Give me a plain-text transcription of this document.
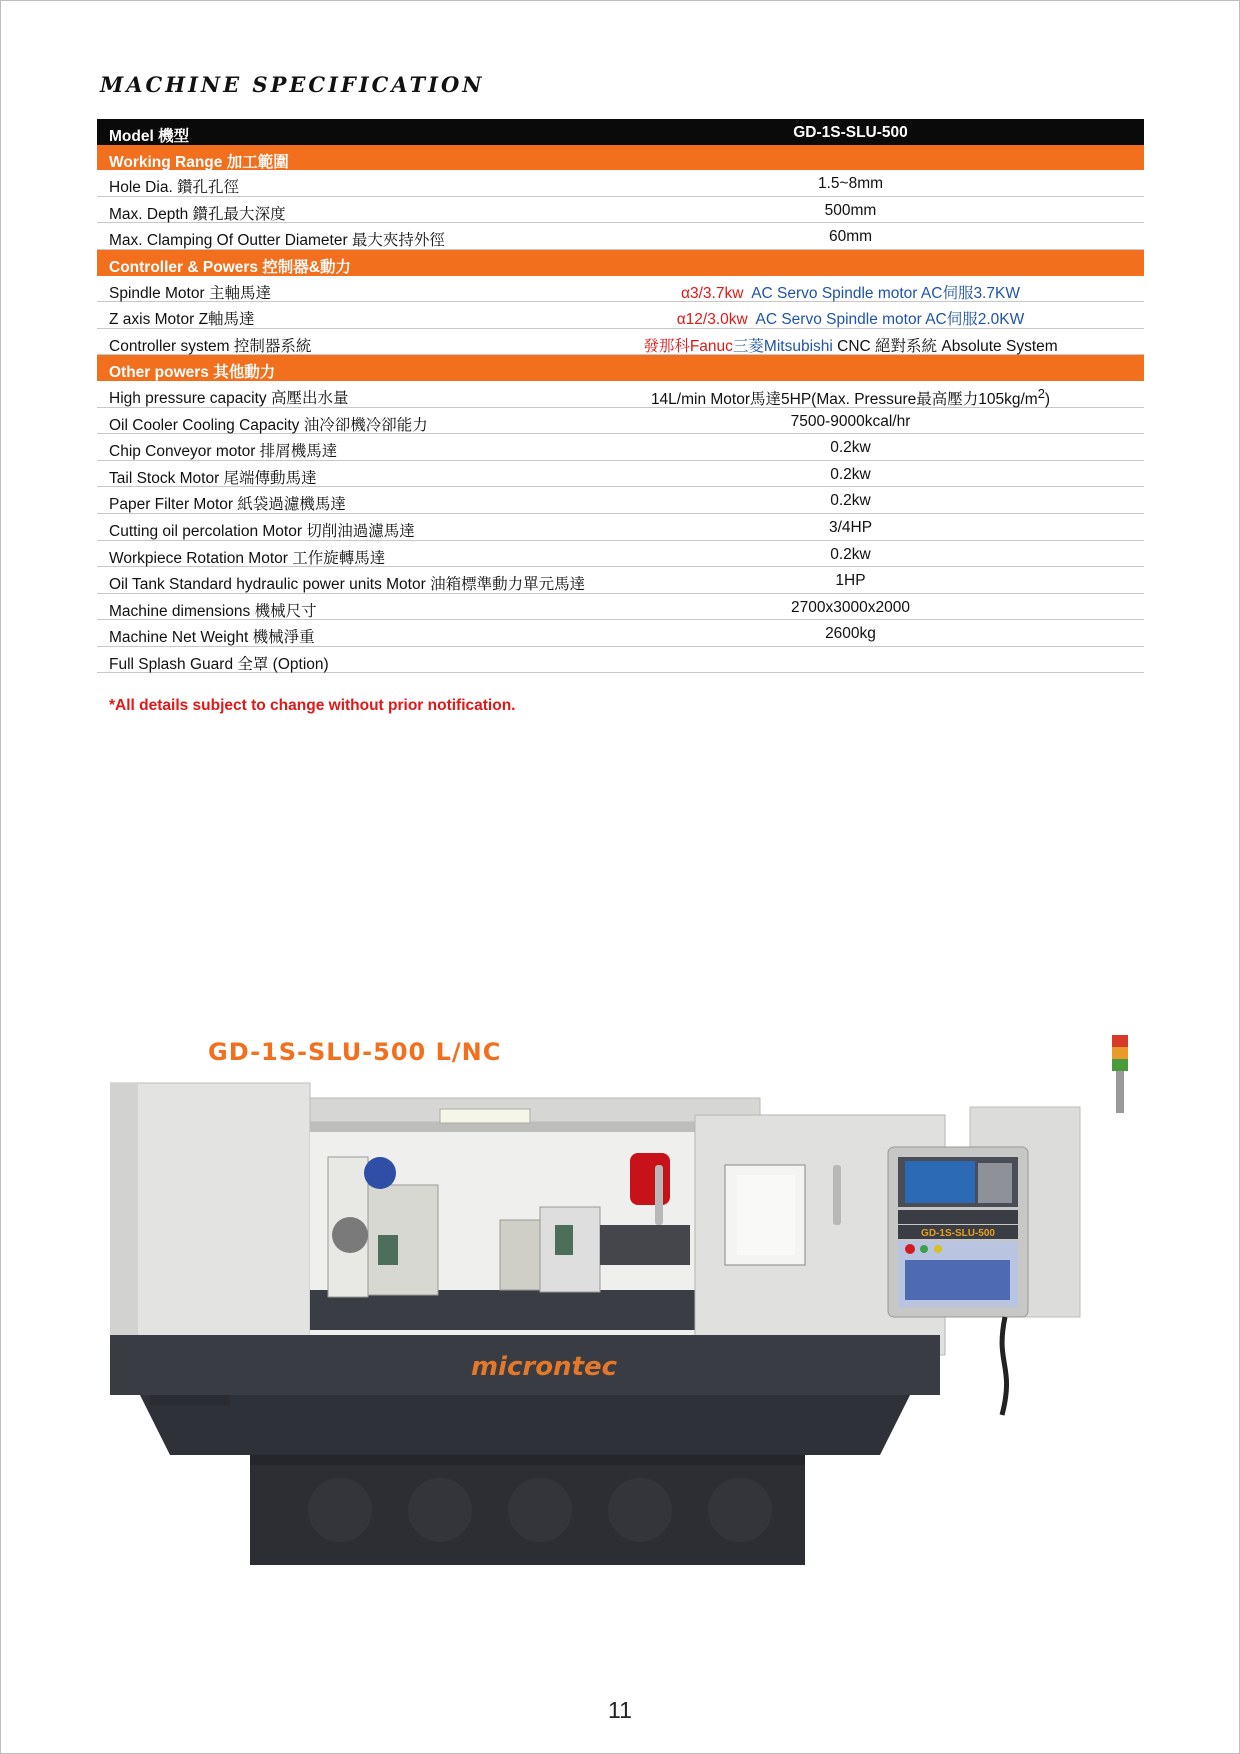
MACHINE SPECIFICATION
Model 機型	GD-1S-SLU-500
Working Range 加工範圍
Hole Dia. 鑽孔孔徑	1.5~8mm
Max. Depth 鑽孔最大深度	500mm
Max. Clamping Of Outter Diameter 最大夾持外徑	60mm
Controller & Powers 控制器&動力
Spindle Motor 主軸馬達	α3/3.7kw AC Servo Spindle motor AC伺服3.7KW
Z axis Motor Z軸馬達	α12/3.0kw AC Servo Spindle motor AC伺服2.0KW
Controller system 控制器系統	發那科Fanuc三菱Mitsubishi CNC 絕對系統 Absolute System
Other powers 其他動力
High pressure capacity 高壓出水量	14L/min Motor馬達5HP(Max. Pressure最高壓力$105kg/m^2$)
Oil Cooler Cooling Capacity 油冷卻機冷卻能力	7500-9000kcal/hr
Chip Conveyor motor 排屑機馬達	0.2kw
Tail Stock Motor 尾端傳動馬達	0.2kw
Paper Filter Motor 紙袋過濾機馬達	0.2kw
Cutting oil percolation Motor 切削油過濾馬達	3/4HP
Workpiece Rotation Motor 工作旋轉馬達	0.2kw
Oil Tank Standard hydraulic power units Motor 油箱標準動力單元馬達	1HP
Machine dimensions 機械尺寸	2700x3000x2000
Machine Net Weight 機械淨重	2600kg
Full Splash Guard 全罩 (Option)
*All details subject to change without prior notification.
GD-1S-SLU-500 L/NC
GD-1S-SLU-500
microntec
11
